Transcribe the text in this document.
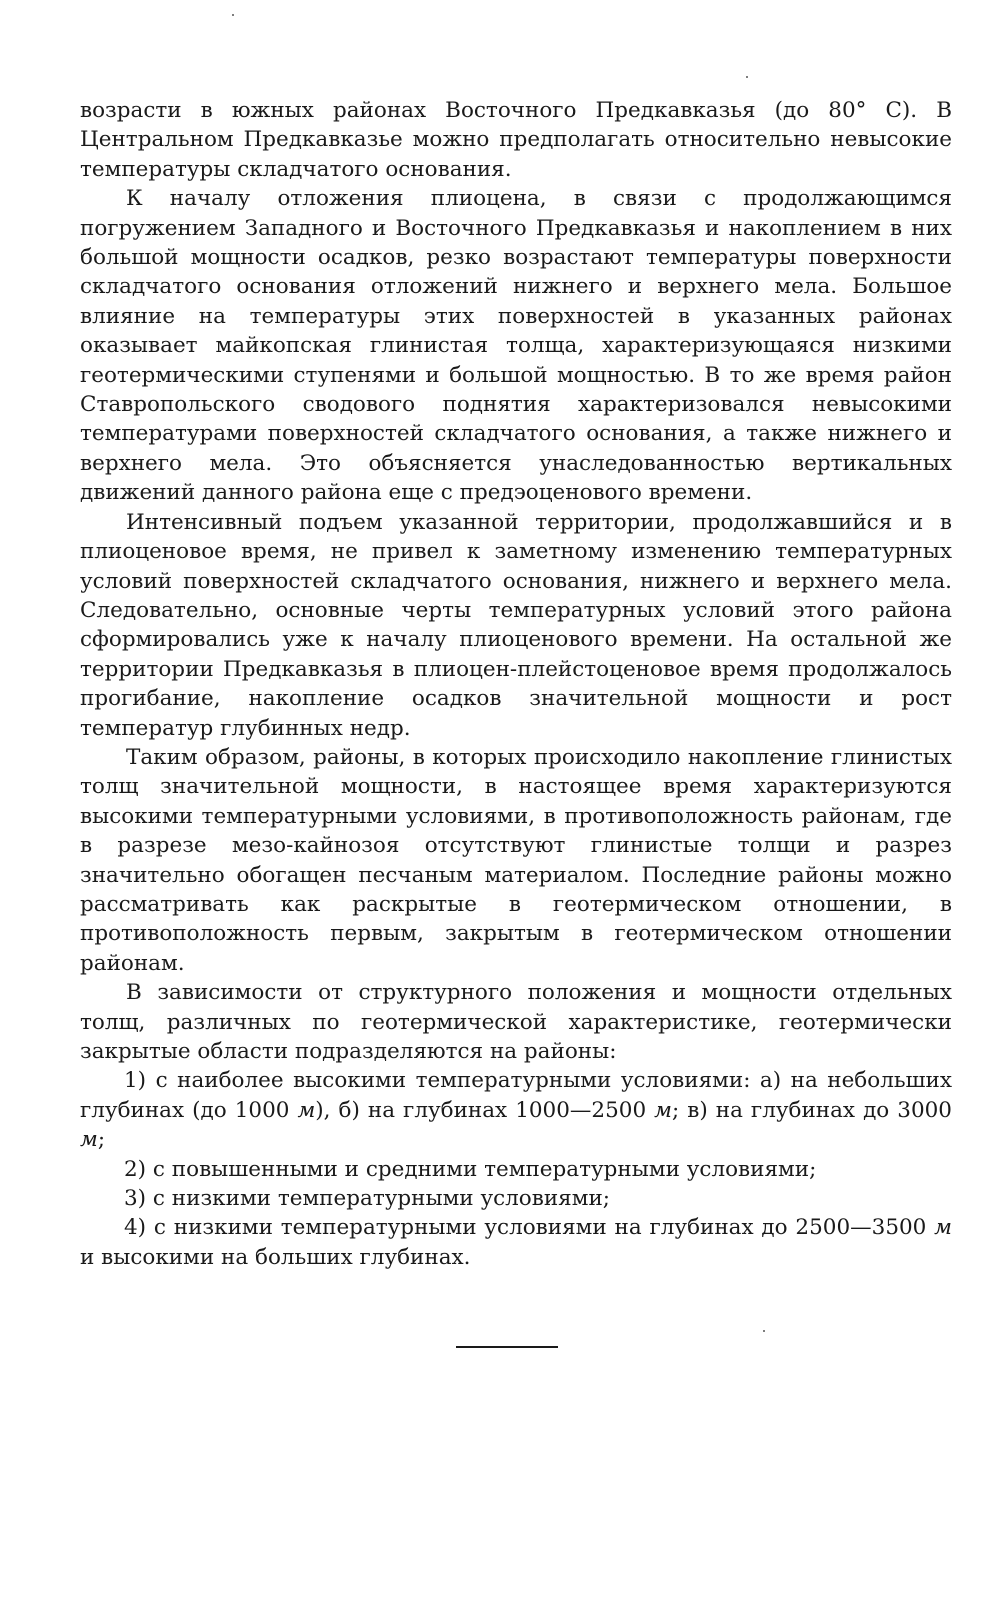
возрасти в южных районах Восточного Предкавказья (до 80° С). В Центральном Предкавказье можно предполагать относительно невысокие температуры складчатого основания.

К началу отложения плиоцена, в связи с продолжающимся погружением Западного и Восточного Предкавказья и накоплением в них большой мощности осадков, резко возрастают температуры поверхности складчатого основания отложений нижнего и верхнего мела. Большое влияние на температуры этих поверхностей в указанных районах оказывает майкопская глинистая толща, характеризующаяся низкими геотермическими ступенями и большой мощностью. В то же время район Ставропольского сводового поднятия характеризовался невысокими температурами поверхностей складчатого основания, а также нижнего и верхнего мела. Это объясняется унаследованностью вертикальных движений данного района еще с предэоценового времени.

Интенсивный подъем указанной территории, продолжавшийся и в плиоценовое время, не привел к заметному изменению температурных условий поверхностей складчатого основания, нижнего и верхнего мела. Следовательно, основные черты температурных условий этого района сформировались уже к началу плиоценового времени. На остальной же территории Предкавказья в плиоцен-плейстоценовое время продолжалось прогибание, накопление осадков значительной мощности и рост температур глубинных недр.

Таким образом, районы, в которых происходило накопление глинистых толщ значительной мощности, в настоящее время характеризуются высокими температурными условиями, в противоположность районам, где в разрезе мезо-кайнозоя отсутствуют глинистые толщи и разрез значительно обогащен песчаным материалом. Последние районы можно рассматривать как раскрытые в геотермическом отношении, в противоположность первым, закрытым в геотермическом отношении районам.

В зависимости от структурного положения и мощности отдельных толщ, различных по геотермической характеристике, геотермически закрытые области подразделяются на районы:

1) с наиболее высокими температурными условиями: а) на небольших глубинах (до 1000 м), б) на глубинах 1000—2500 м; в) на глубинах до 3000 м;

2) с повышенными и средними температурными условиями;

3) с низкими температурными условиями;

4) с низкими температурными условиями на глубинах до 2500—3500 м и высокими на больших глубинах.
